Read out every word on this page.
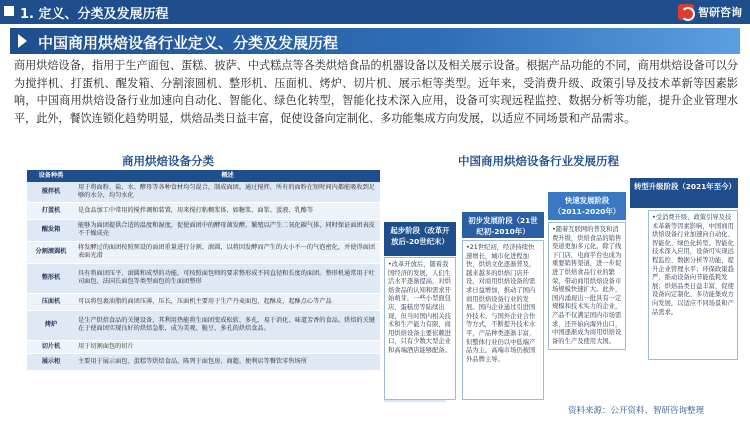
1. 定义、分类及发展历程	智研咨询
中国商用烘焙设备行业定义、分类及发展历程
商用烘焙设备，指用于生产面包、蛋糕、披萨、中式糕点等各类烘焙食品的机器设备以及相关展示设备。根据产品功能的不同，商用烘焙设备可以分为搅拌机、打蛋机、醒发箱、分割滚圆机、整形机、压面机、烤炉、切片机、展示柜等类型。近年来，受消费升级、政策引导及技术革新等因素影响，中国商用烘焙设备行业加速向自动化、智能化、绿色化转型，智能化技术深入应用，设备可实现远程监控、数据分析等功能，提升企业管理水平，此外，餐饮连锁化趋势明显，烘焙品类日益丰富，促使设备向定制化、多功能集成方向发展，以适应不同场景和产品需求。
商用烘焙设备分类
设备种类	概述
搅拌机	用于将面粉、盐、水、酵母等各种食材均匀混合，制成面团。通过搅拌，所有的面粉在短时间内都能吸收到足够的水分，均匀水化
打蛋机	是食品加工中常用的搅拌调和装置，用来搅打粘稠浆体，如糖浆、面浆、蛋液、乳酪等
醒发箱	能够为面团提供合适的温度和湿度，促使面团中的酵母菌发酵，繁殖以产生二氧化碳气体，同时保证面团表皮不干燥成壳
分割滚圆机	将发酵过的面团按照预设的面团重量进行分割、滚圆，以将因发酵而产生的大小不一的气泡密化，并使得面团表面光滑
整形机	具有将面团压平、滚圆和成型的功能，可按照面包师的要求整形成不同直径和长度的面团。整形机通常用于吐司面包、法国长面包等类型面包的生面团整形
压面机	可以将包裹油脂的面团压薄、压长，压面机主要用于生产丹麦面包、起酥皮、起酥点心等产品
烤炉	是生产烘焙食品的关键设备，其利用热能将生面团变成松软、多孔、易于消化、味道芳香的食品。烘焙的关键在于使面团实现良好的烘焙急胀，成为美观、脆豆、多孔的烘焙食品。
切片机	用于切割面包的切片
展示柜	主要用于展示面包、蛋糕等烘焙食品，陈列于面包房、商超、便利店等餐饮零售场所
中国商用烘焙设备行业发展历程
起步阶段（改革开放后-20世纪末）
•改革开放后，随着我国经济的发展，人们生活水平逐渐提高，对烘焙食品的认知和需求开始萌芽，一些小型面包店、蛋糕房等陆续出现，但当时国内相关技术和生产能力有限，商用烘焙设备主要依赖进口，只有少数大型企业和高端酒店能够配备。
初步发展阶段（21世纪初-2010年）
•21世纪初，经济持续快速增长，城市化进程加快，烘焙文化逐渐普及，越来越多的烘焙门店开设，对商用烘焙设备的需求日益增加，推动了国内商用烘焙设备行业的发展。国内企业通过引进国外技术、与国外企业合作等方式，不断提升技术水平，产品种类逐渐丰富，但整体行业仍以中低端产品为主，高端市场仍被国外品牌主导。
快速发展阶段（2011-2020年）
•随着互联网的普及和消费升级，烘焙食品的销售渠道更加多元化，除了线下门店，电商平台也成为重要销售渠道，进一步促进了烘焙食品行业的繁荣，带动商用烘焙设备市场规模快速扩大。此外，国内涌现出一批具有一定规模和技术实力的企业，产品不仅满足国内市场需求，还开始向海外出口，中国逐渐成为商用烘焙设备的生产及使用大国。
转型升级阶段（2021年至今）
•受消费升级、政策引导及技术革新等因素影响，中国商用烘焙设备行业加速向自动化、智能化、绿色化转型。智能化技术深入应用，设备可实现远程监控、数据分析等功能，提升企业管理水平；环保政策趋严，推动设备向节能低耗发展；烘焙品类日益丰富，促使设备向定制化、多功能集成方向发展，以适应不同场景和产品需求。
资料来源：公开资料、智研咨询整理
